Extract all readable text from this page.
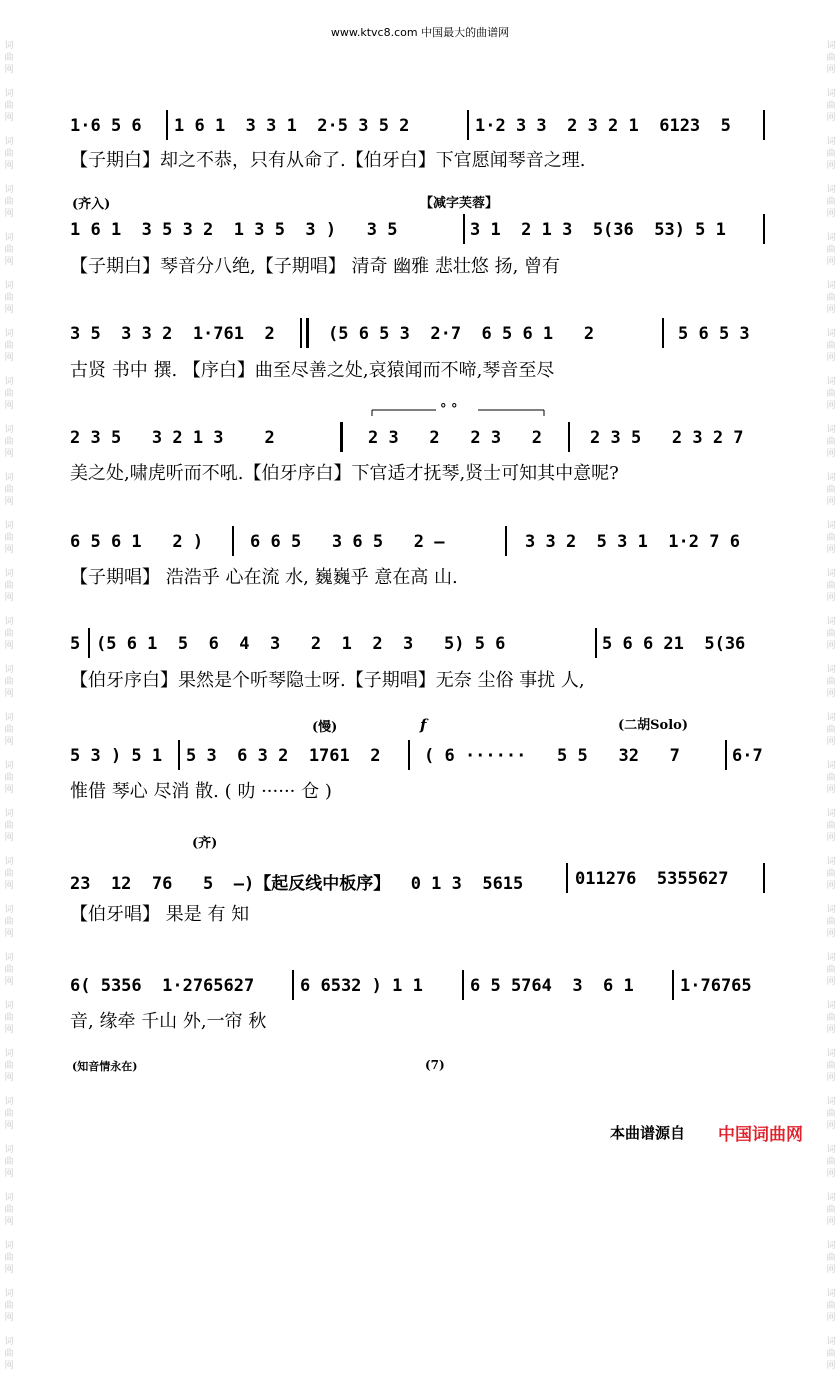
www.ktvc8.com 中国最大的曲谱网
词
曲
网

词
曲
网

词
曲
网

词
曲
网

词
曲
网

词
曲
网

词
曲
网

词
曲
网

词
曲
网

词
曲
网

词
曲
网

词
曲
网

词
曲
网

词
曲
网

词
曲
网

词
曲
网

词
曲
网

词
曲
网

词
曲
网

词
曲
网

词
曲
网

词
曲
网

词
曲
网

词
曲
网

词
曲
网

词
曲
网

词
曲
网

词
曲
网

词
曲
网

词
曲
网

词
曲
网

词
曲
网

词
曲
网

词
曲
网

词
曲
网

词
曲
网

词
曲
网

词
曲
网

词
曲
网

词
曲
网

词
曲
网

词
曲
网

词
曲
网

词
曲
网

词
曲
网

词
曲
网

词
曲
网

词
曲
网

词
曲
网

词
曲
网

词
曲
网

词
曲
网

词
曲
网

词
曲
网

词
曲
网

词
曲
网

1·6 5 6

1 6 1  3 3 1  2·5 3 5 2

	1·2 3 3  2 3 2 1  6123  5

【子期白】却之不恭，只有从命了.【伯牙白】下官愿闻琴音之理.
(齐入)	【减字芙蓉】

1 6 1  3 5 3 2  1 3 5  3 )   3 5

	3 1  2 1 3  5(36  53) 5 1

【子期白】琴音分八绝,【子期唱】 清奇 幽雅 悲壮悠 扬, 曾有

3 5  3 3 2  1·761  2

	(5 6 5 3  2·7  6 5 6 1   2

	5 6 5 3

古贤 书中 撰. 【序白】曲至尽善之处,哀猿闻而不啼,琴音至尽
° °

2 3 5   3 2 1 3    2

	2 3   2   2 3   2

	2 3 5   2 3 2 7

美之处,啸虎听而不吼.【伯牙序白】下官适才抚琴,贤士可知其中意呢?

6 5 6 1   2 )

	6 6 5   3 6 5   2 –

	3 3 2  5 3 1  1·2 7 6

【子期唱】 浩浩乎 心在流 水, 巍巍乎 意在高 山.

5

(5 6 1  5  6  4  3   2  1  2  3   5) 5 6

	5 6 6 21  5(36

【伯牙序白】果然是个听琴隐士呀.【子期唱】无奈 尘俗 事扰 人,
(慢)	f	(二胡Solo)

5 3 ) 5 1

5 3  6 3 2  1761  2

	( 6 ······   5 5   32   7

	6·7

惟借 琴心 尽消 散. ( 叻 ······ 仓 )
(齐)

23  12  76   5  –)【起反线中板序】  0 1 3  5615

	011276  5355627

【伯牙唱】 果是 有 知

6( 5356  1·2765627

	6 6532 ) 1 1

	6 5 5764  3  6 1

	1·76765

音, 缘牵 千山 外,一帘 秋
(知音情永在)	(7)
本曲谱源自 中国词曲网
